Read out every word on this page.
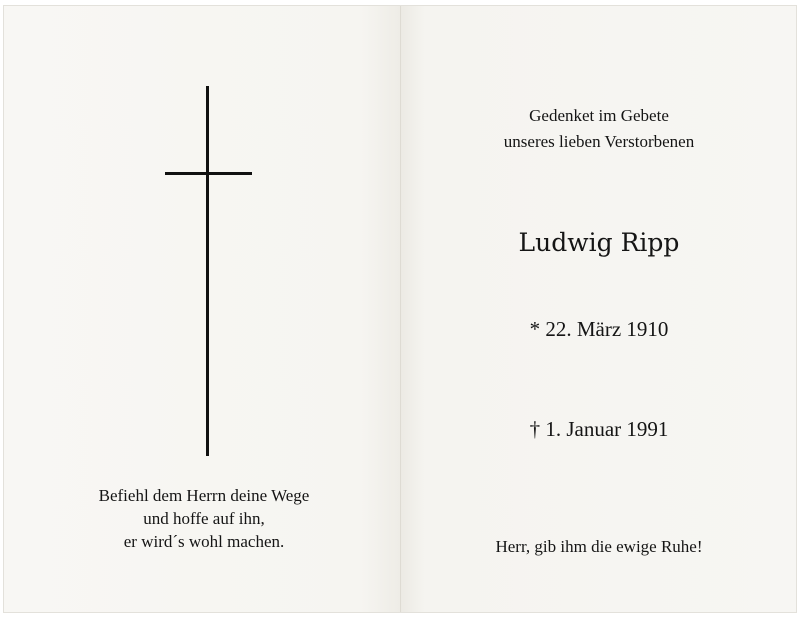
Befiehl dem Herrn deine Wege
und hoffe auf ihn,
er wird´s wohl machen.
Gedenket im Gebete
unseres lieben Verstorbenen
Ludwig Ripp
* 22. März 1910
† 1. Januar 1991
Herr, gib ihm die ewige Ruhe!
